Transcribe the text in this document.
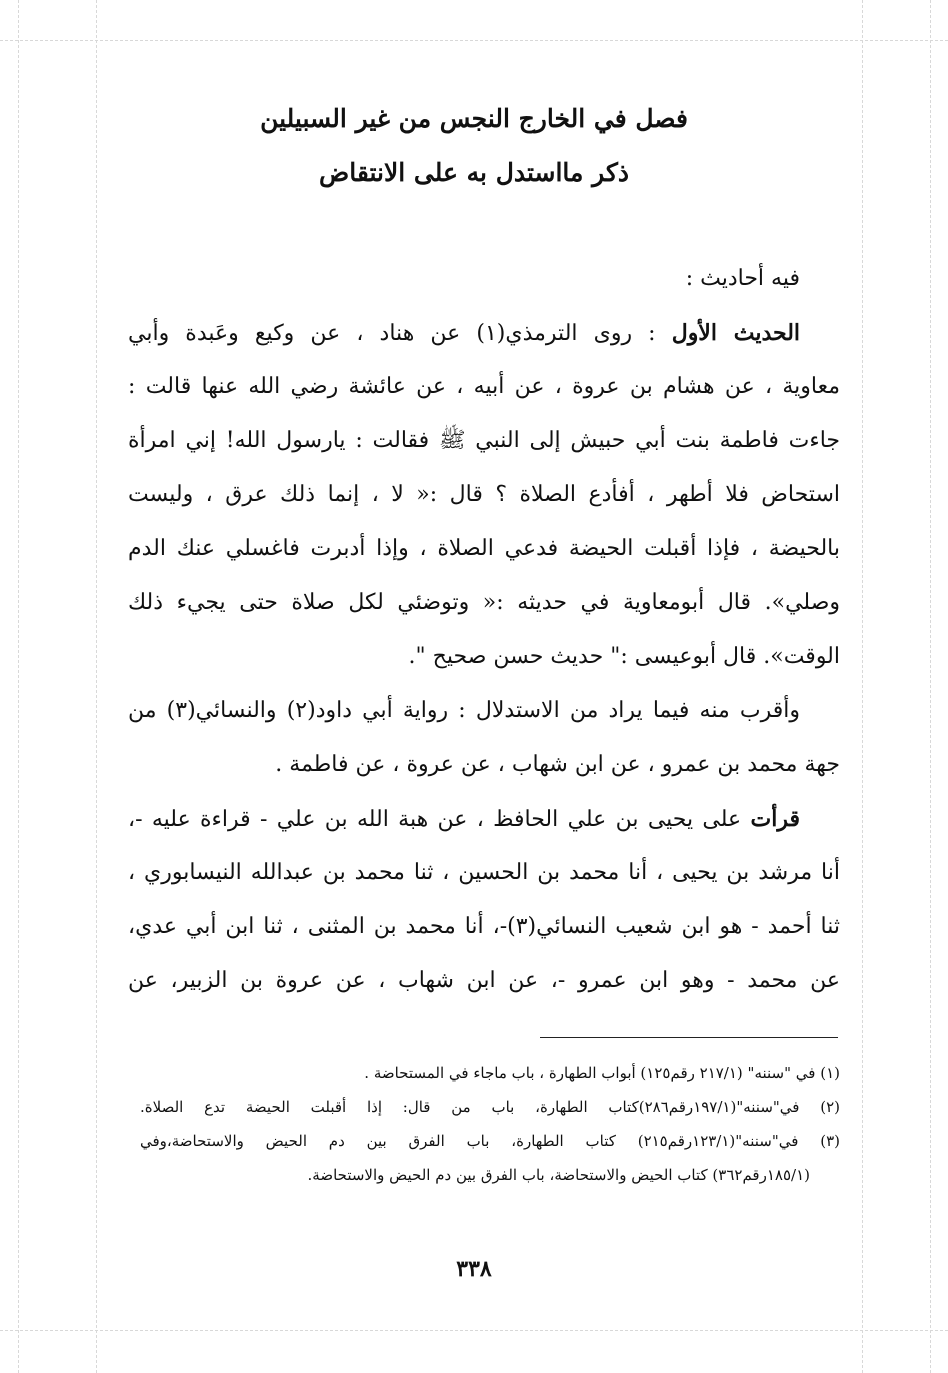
فصل في الخارج النجس من غير السبيلين
ذكر مااستدل به على الانتقاض
فيه أحاديث :
الحديث الأول : روى الترمذي(١) عن هناد ، عن وكيع وعَبدة وأبي
معاوية ، عن هشام بن عروة ، عن أبيه ، عن عائشة رضي الله عنها قالت :
جاءت فاطمة بنت أبي حبيش إلى النبي ﷺ فقالت : يارسول الله! إني امرأة
استحاض فلا أطهر ، أفأدع الصلاة ؟ قال :« لا ، إنما ذلك عرق ، وليست
بالحيضة ، فإذا أقبلت الحيضة فدعي الصلاة ، وإذا أدبرت فاغسلي عنك الدم
وصلي». قال أبومعاوية في حديثه :« وتوضئي لكل صلاة حتى يجيء ذلك
الوقت». قال أبوعيسى :" حديث حسن صحيح ".
وأقرب منه فيما يراد من الاستدلال : رواية أبي داود(٢) والنسائي(٣) من
جهة محمد بن عمرو ، عن ابن شهاب ، عن عروة ، عن فاطمة .
قرأت على يحيى بن علي الحافظ ، عن هبة الله بن علي - قراءة عليه -،
أنا مرشد بن يحيى ، أنا محمد بن الحسين ، ثنا محمد بن عبدالله النيسابوري ،
ثنا أحمد - هو ابن شعيب النسائي(٣)-، أنا محمد بن المثنى ، ثنا ابن أبي عدي،
عن محمد - وهو ابن عمرو -، عن ابن شهاب ، عن عروة بن الزبير، عن
(١) في "سننه" (٢١٧/١ رقم١٢٥) أبواب الطهارة ، باب ماجاء في المستحاضة .
(٢) في"سننه"(١٩٧/١رقم٢٨٦)كتاب الطهارة، باب من قال: إذا أقبلت الحيضة تدع الصلاة.
(٣) في"سننه"(١٢٣/١رقم٢١٥) كتاب الطهارة، باب الفرق بين دم الحيض والاستحاضة،وفي
(١٨٥/١رقم٣٦٢) كتاب الحيض والاستحاضة، باب الفرق بين دم الحيض والاستحاضة.
٣٣٨
